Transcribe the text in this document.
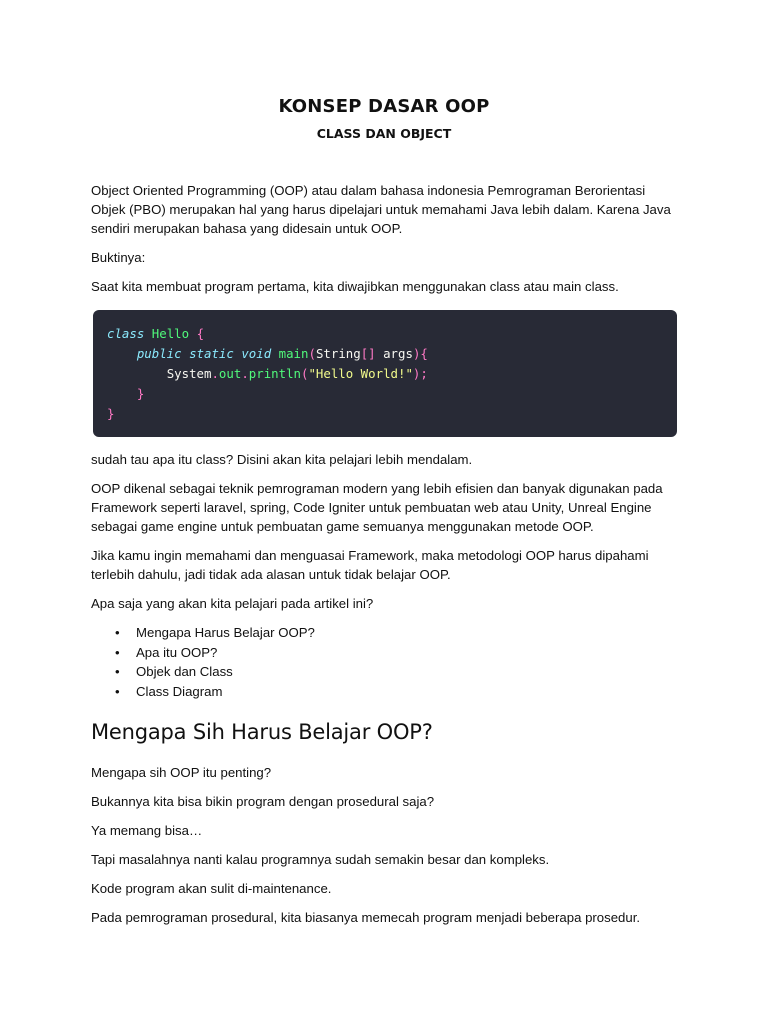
KONSEP DASAR OOP
CLASS DAN OBJECT

Object Oriented Programming (OOP) atau dalam bahasa indonesia Pemrograman Berorientasi Objek (PBO) merupakan hal yang harus dipelajari untuk memahami Java lebih dalam. Karena Java sendiri merupakan bahasa yang didesain untuk OOP.

Buktinya:

Saat kita membuat program pertama, kita diwajibkan menggunakan class atau main class.

class Hello {
public static void main(String[] args){
System.out.println("Hello World!");
}
}

sudah tau apa itu class? Disini akan kita pelajari lebih mendalam.

OOP dikenal sebagai teknik pemrograman modern yang lebih efisien dan banyak digunakan pada Framework seperti laravel, spring, Code Igniter untuk pembuatan web atau Unity, Unreal Engine sebagai game engine untuk pembuatan game semuanya menggunakan metode OOP.

Jika kamu ingin memahami dan menguasai Framework, maka metodologi OOP harus dipahami terlebih dahulu, jadi tidak ada alasan untuk tidak belajar OOP.

Apa saja yang akan kita pelajari pada artikel ini?

• Mengapa Harus Belajar OOP?
• Apa itu OOP?
• Objek dan Class
• Class Diagram
Mengapa Sih Harus Belajar OOP?

Mengapa sih OOP itu penting?

Bukannya kita bisa bikin program dengan prosedural saja?

Ya memang bisa…

Tapi masalahnya nanti kalau programnya sudah semakin besar dan kompleks.

Kode program akan sulit di-maintenance.

Pada pemrograman prosedural, kita biasanya memecah program menjadi beberapa prosedur.
